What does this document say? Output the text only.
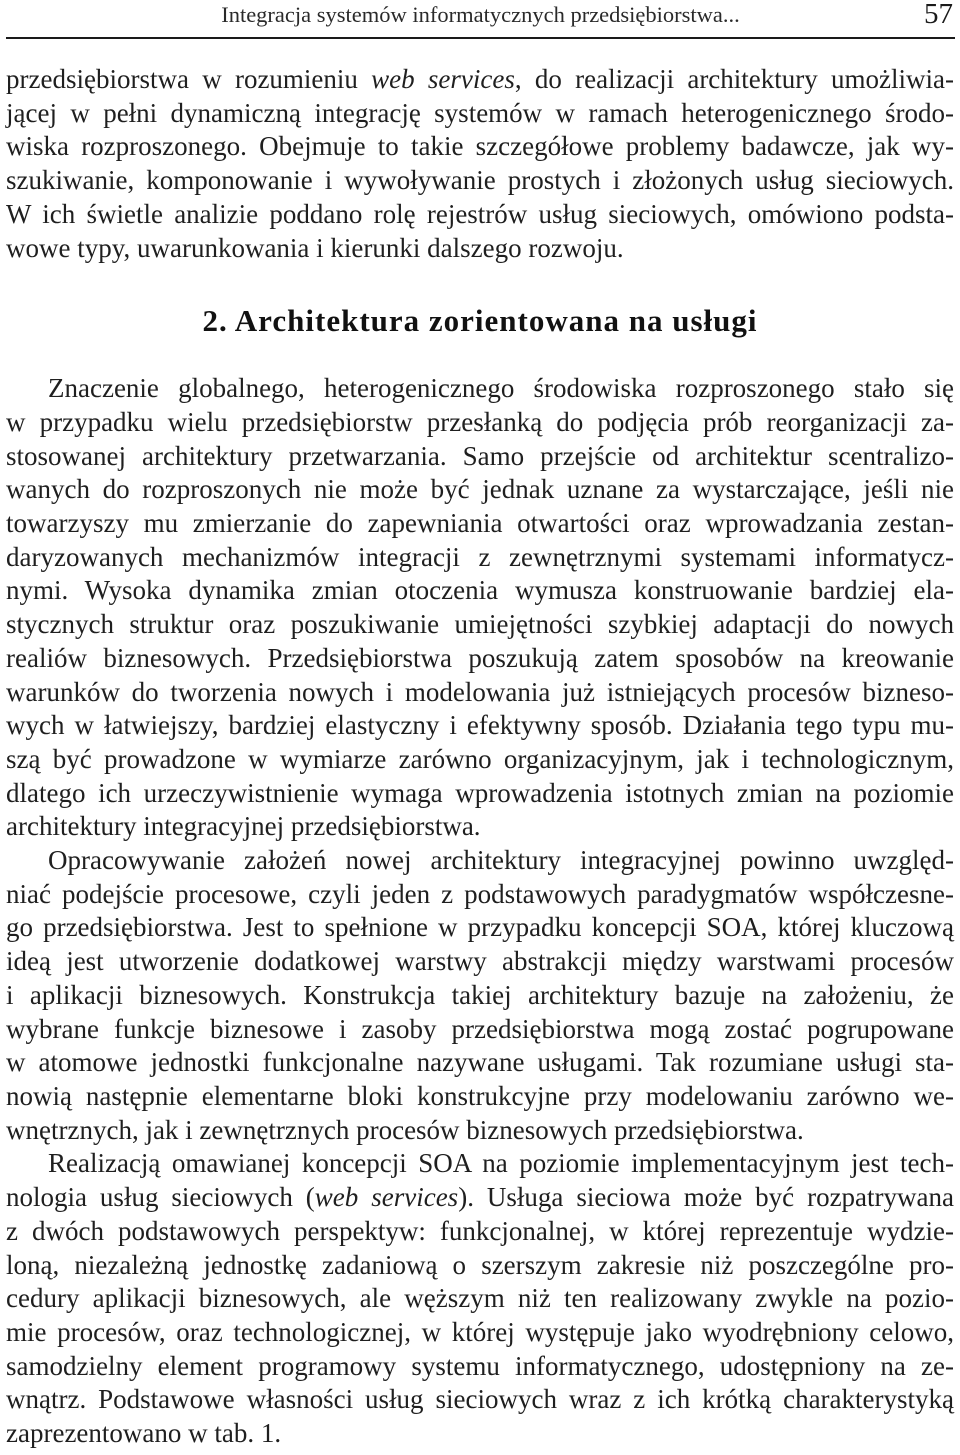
Integracja systemów informatycznych przedsiębiorstwa...	57
przedsiębiorstwa w rozumieniu web services, do realizacji architektury umożliwia-
jącej w pełni dynamiczną integrację systemów w ramach heterogenicznego środo-
wiska rozproszonego. Obejmuje to takie szczegółowe problemy badawcze, jak wy-
szukiwanie, komponowanie i wywoływanie prostych i złożonych usług sieciowych.
W ich świetle analizie poddano rolę rejestrów usług sieciowych, omówiono podsta-
wowe typy, uwarunkowania i kierunki dalszego rozwoju.
2. Architektura zorientowana na usługi
Znaczenie globalnego, heterogenicznego środowiska rozproszonego stało się
w przypadku wielu przedsiębiorstw przesłanką do podjęcia prób reorganizacji za-
stosowanej architektury przetwarzania. Samo przejście od architektur scentralizo-
wanych do rozproszonych nie może być jednak uznane za wystarczające, jeśli nie
towarzyszy mu zmierzanie do zapewniania otwartości oraz wprowadzania zestan-
daryzowanych mechanizmów integracji z zewnętrznymi systemami informatycz-
nymi. Wysoka dynamika zmian otoczenia wymusza konstruowanie bardziej ela-
stycznych struktur oraz poszukiwanie umiejętności szybkiej adaptacji do nowych
realiów biznesowych. Przedsiębiorstwa poszukują zatem sposobów na kreowanie
warunków do tworzenia nowych i modelowania już istniejących procesów bizneso-
wych w łatwiejszy, bardziej elastyczny i efektywny sposób. Działania tego typu mu-
szą być prowadzone w wymiarze zarówno organizacyjnym, jak i technologicznym,
dlatego ich urzeczywistnienie wymaga wprowadzenia istotnych zmian na poziomie
architektury integracyjnej przedsiębiorstwa.
Opracowywanie założeń nowej architektury integracyjnej powinno uwzględ-
niać podejście procesowe, czyli jeden z podstawowych paradygmatów współczesne-
go przedsiębiorstwa. Jest to spełnione w przypadku koncepcji SOA, której kluczową
ideą jest utworzenie dodatkowej warstwy abstrakcji między warstwami procesów
i aplikacji biznesowych. Konstrukcja takiej architektury bazuje na założeniu, że
wybrane funkcje biznesowe i zasoby przedsiębiorstwa mogą zostać pogrupowane
w atomowe jednostki funkcjonalne nazywane usługami. Tak rozumiane usługi sta-
nowią następnie elementarne bloki konstrukcyjne przy modelowaniu zarówno we-
wnętrznych, jak i zewnętrznych procesów biznesowych przedsiębiorstwa.
Realizacją omawianej koncepcji SOA na poziomie implementacyjnym jest tech-
nologia usług sieciowych (web services). Usługa sieciowa może być rozpatrywana
z dwóch podstawowych perspektyw: funkcjonalnej, w której reprezentuje wydzie-
loną, niezależną jednostkę zadaniową o szerszym zakresie niż poszczególne pro-
cedury aplikacji biznesowych, ale węższym niż ten realizowany zwykle na pozio-
mie procesów, oraz technologicznej, w której występuje jako wyodrębniony celowo,
samodzielny element programowy systemu informatycznego, udostępniony na ze-
wnątrz. Podstawowe własności usług sieciowych wraz z ich krótką charakterystyką
zaprezentowano w tab. 1.
